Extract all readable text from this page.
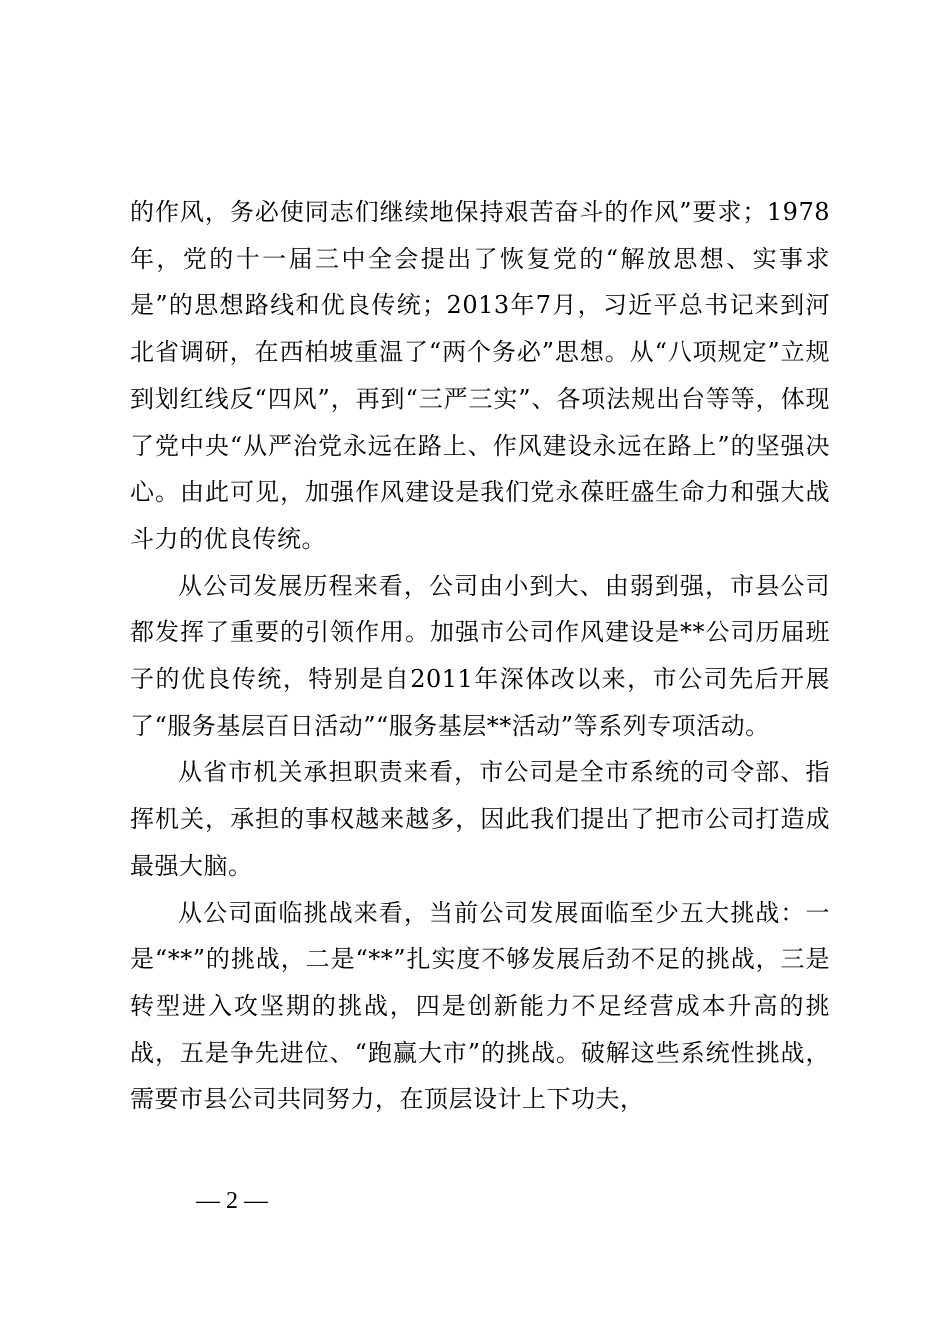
的作风，务必使同志们继续地保持艰苦奋斗的作风”要求；1978年，党的十一届三中全会提出了恢复党的“解放思想、实事求是”的思想路线和优良传统；2013年7月，习近平总书记来到河北省调研，在西柏坡重温了“两个务必”思想。从“八项规定”立规到划红线反“四风”，再到“三严三实”、各项法规出台等等，体现了党中央“从严治党永远在路上、作风建设永远在路上”的坚强决心。由此可见，加强作风建设是我们党永葆旺盛生命力和强大战斗力的优良传统。

从公司发展历程来看，公司由小到大、由弱到强，市县公司都发挥了重要的引领作用。加强市公司作风建设是**公司历届班子的优良传统，特别是自2011年深体改以来，市公司先后开展了“服务基层百日活动”“服务基层**活动”等系列专项活动。

从省市机关承担职责来看，市公司是全市系统的司令部、指挥机关，承担的事权越来越多，因此我们提出了把市公司打造成最强大脑。

从公司面临挑战来看，当前公司发展面临至少五大挑战：一是“**”的挑战，二是“**”扎实度不够发展后劲不足的挑战，三是转型进入攻坚期的挑战，四是创新能力不足经营成本升高的挑战，五是争先进位、“跑赢大市”的挑战。破解这些系统性挑战，需要市县公司共同努力，在顶层设计上下功夫，

— 2 —
